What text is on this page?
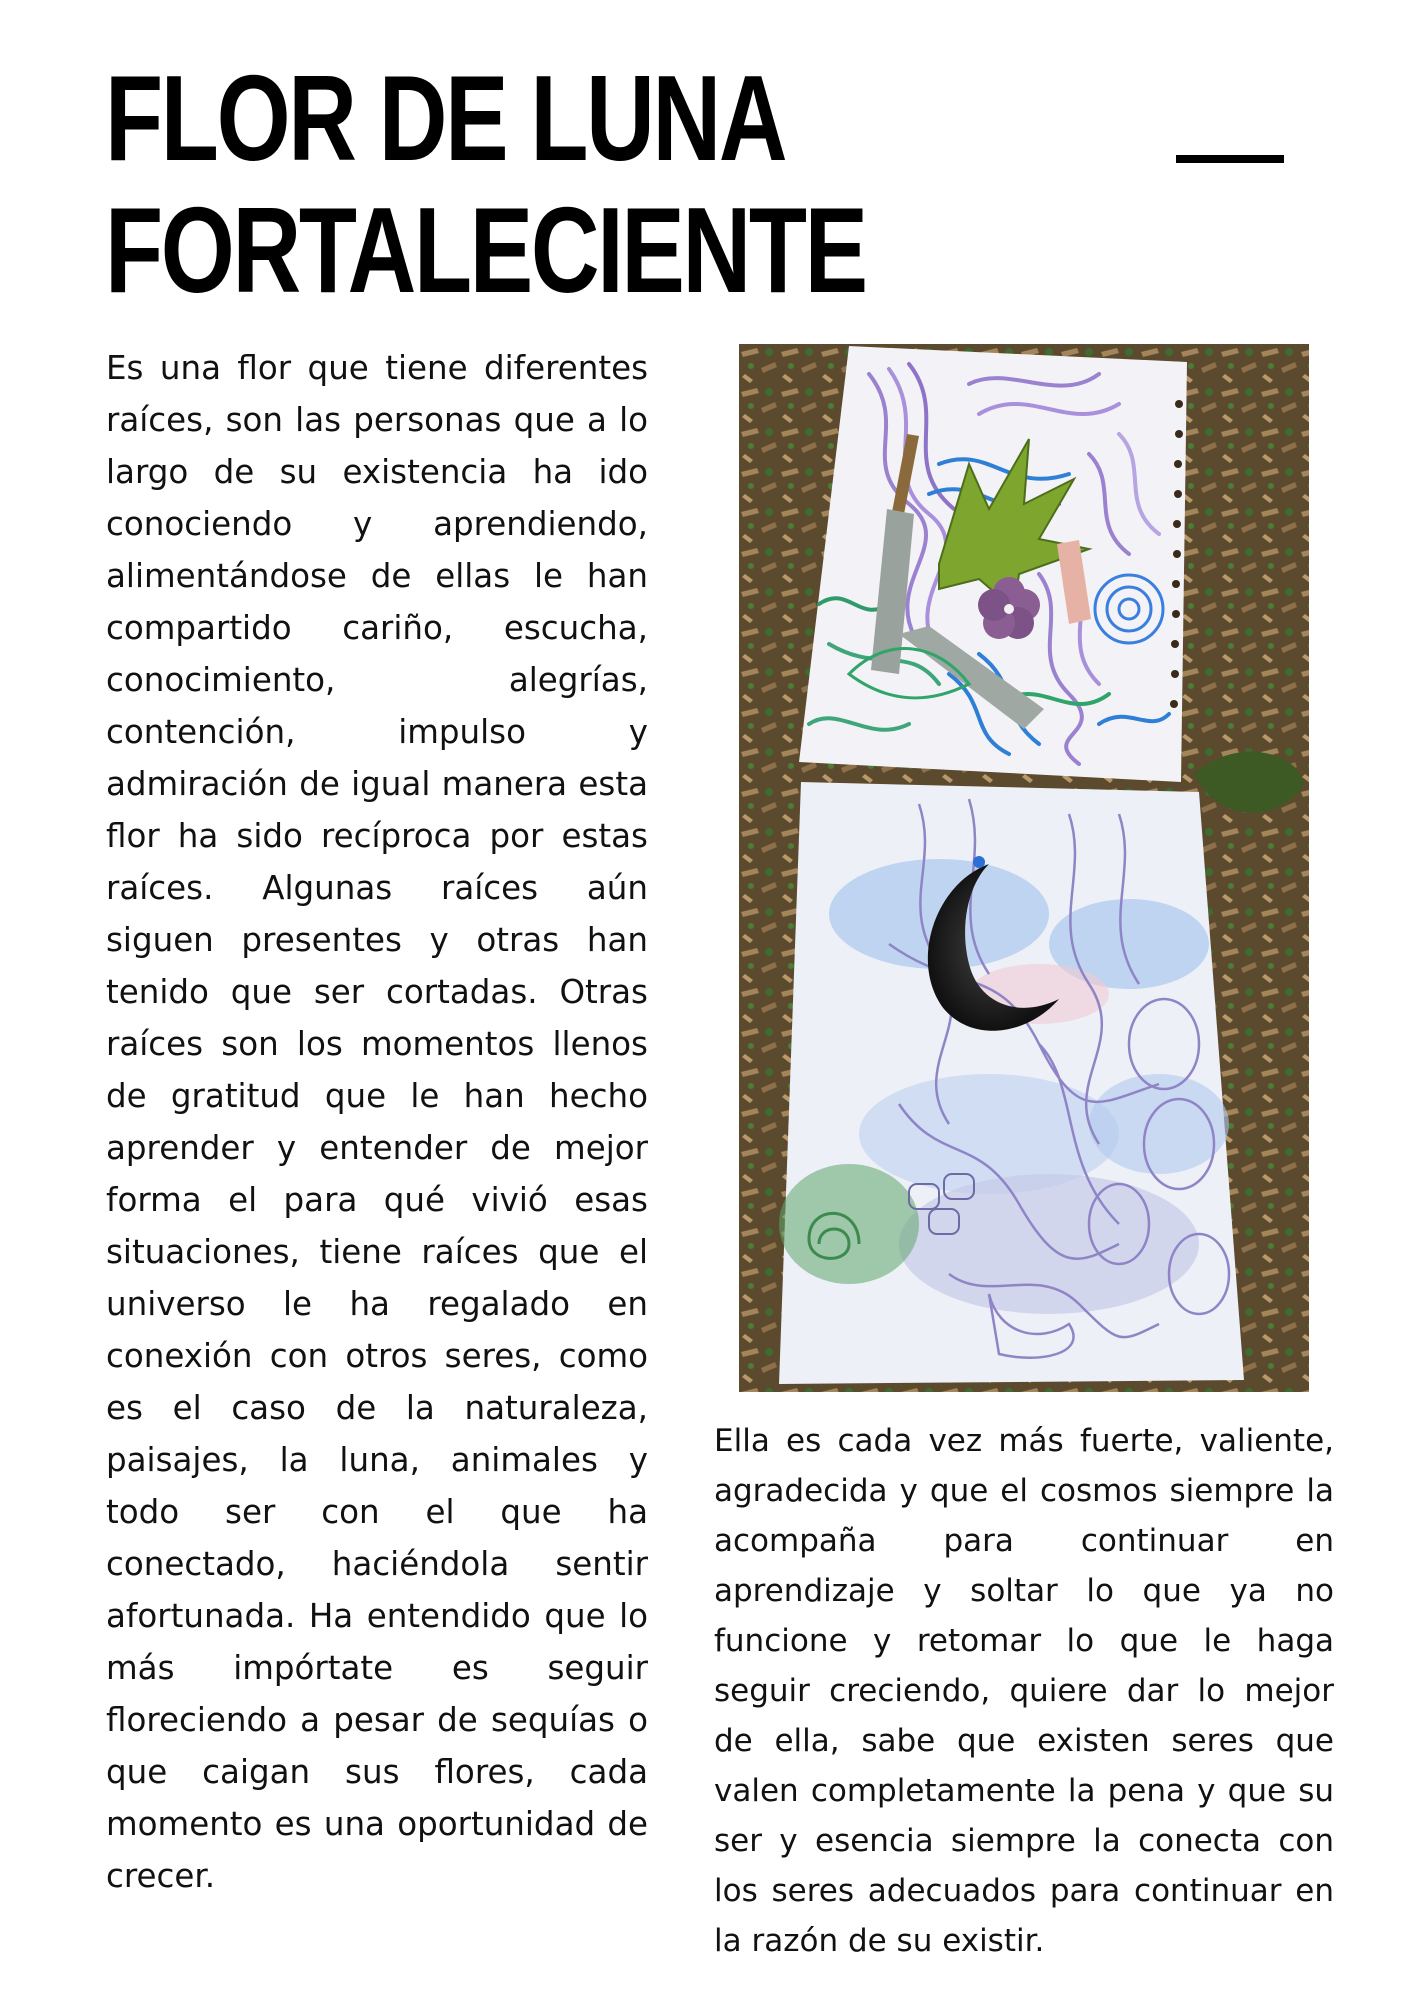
FLOR DE LUNA
FORTALECIENTE

Es una flor que tiene diferentes raíces, son las personas que a lo largo de su existencia ha ido conociendo y aprendiendo, alimentándose de ellas le han compartido cariño, escucha, conocimiento, alegrías, contención, impulso y admiración de igual manera esta flor ha sido recíproca por estas raíces. Algunas raíces aún siguen presentes y otras han tenido que ser cortadas. Otras raíces son los momentos llenos de gratitud que le han hecho aprender y entender de mejor forma el para qué vivió esas situaciones, tiene raíces que el universo le ha regalado en conexión con otros seres, como es el caso de la naturaleza, paisajes, la luna, animales y todo ser con el que ha conectado, haciéndola sentir afortunada. Ha entendido que lo más impórtate es seguir floreciendo a pesar de sequías o que caigan sus flores, cada momento es una oportunidad de crecer.

Ella es cada vez más fuerte, valiente, agradecida y que el cosmos siempre la acompaña para continuar en aprendizaje y soltar lo que ya no funcione y retomar lo que le haga seguir creciendo, quiere dar lo mejor de ella, sabe que existen seres que valen completamente la pena y que su ser y esencia siempre la conecta con los seres adecuados para continuar en la razón de su existir.
